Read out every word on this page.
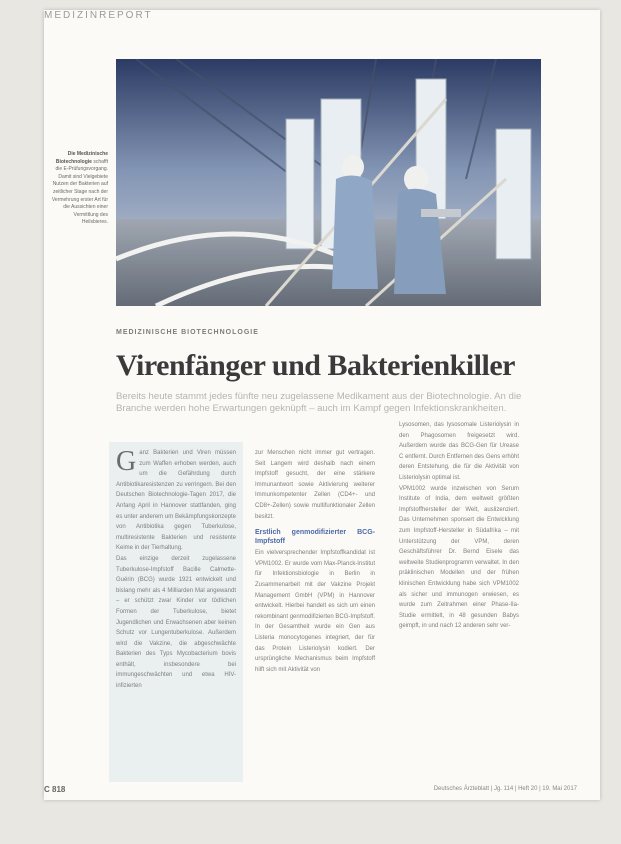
MEDIZINREPORT
Die Medizinische Biotechnologie schafft die E-Prüfungsvorgang. Damit sind Vielgebiete Nutzen der Bakterien auf zeitlicher Stage nach der Vermehrung erster Art für die Aussichten einer Vermittlung des Heilsbieres.
MEDIZINISCHE BIOTECHNOLOGIE
Virenfänger und Bakterienkiller
Bereits heute stammt jedes fünfte neu zugelassene Medikament aus der Biotechnologie. An die Branche werden hohe Erwartungen geknüpft – auch im Kampf gegen Infektionskrankheiten.
G anz Bakterien und Viren müssen zum Waffen erhoben werden, auch um die Gefährdung durch Antibiotikaresistenzen zu verringern. Bei den Deutschen Biotechnologie-Tagen 2017, die Anfang April in Hannover stattfanden, ging es unter anderem um Bekämpfungskonzepte von Antibiotika gegen Tuberkulose, multiresistente Bakterien und resistente Keime in der Tierhaltung.

Das einzige derzeit zugelassene Tuberkulose-Impfstoff Bacille Calmette-Guérin (BCG) wurde 1921 entwickelt und bislang mehr als 4 Milliarden Mal angewandt – er schützt zwar Kinder vor tödlichen Formen der Tuberkulose, bietet Jugendlichen und Erwachsenen aber keinen Schutz vor Lungentuberkulose. Außerdem wird die Vakzine, die abgeschwächte Bakterien des Typs Mycobacterium bovis enthält, insbesondere bei immungeschwächten und etwa HIV-infizierten

zur Menschen nicht immer gut vertragen. Seit Langem wird deshalb nach einem Impfstoff gesucht, der eine stärkere Immunantwort sowie Aktivierung weiterer Immunkompetenter Zellen (CD4+- und CD8+-Zellen) sowie multifunktionaler Zellen besitzt.

Erstlich genmodifizierter BCG-Impfstoff

Ein vielversprechender Impfstoffkandidat ist VPM1002. Er wurde vom Max-Planck-Institut für Infektionsbiologie in Berlin in Zusammenarbeit mit der Vakzine Projekt Management GmbH (VPM) in Hannover entwickelt. Hierbei handelt es sich um einen rekombinant genmodifizierten BCG-Impfstoff. In der Gesamtheit wurde ein Gen aus Listeria monocytogenes integriert, der für das Protein Listeriolysin kodiert. Der ursprüngliche Mechanismus beim Impfstoff hilft sich mit Aktivität von

Lysosomen, das lysosomale Listeriolysin in den Phagosomen freigesetzt wird. Außerdem wurde das BCG-Gen für Urease C entfernt. Durch Entfernen des Gens erhöht deren Entstehung, die für die Aktivität von Listeriolysin optimal ist.

VPM1002 wurde inzwischen von Serum Institute of India, dem weltweit größten Impfstoffhersteller der Welt, auslizenziert. Das Unternehmen sponsert die Entwicklung zum Impfstoff-Hersteller in Südafrika – mit Unterstützung der VPM, deren Geschäftsführer Dr. Bernd Eisele das weltweite Studienprogramm verwaltet. In den präklinischen Modellen und der frühen klinischen Entwicklung habe sich VPM1002 als sicher und immunogen erwiesen, es wurde zum Zeitrahmen einer Phase-IIa-Studie ermittelt, in 48 gesunden Babys geimpft, in und nach 12 anderen sehr ver-

C 818	Deutsches Ärzteblatt | Jg. 114 | Heft 20 | 19. Mai 2017
